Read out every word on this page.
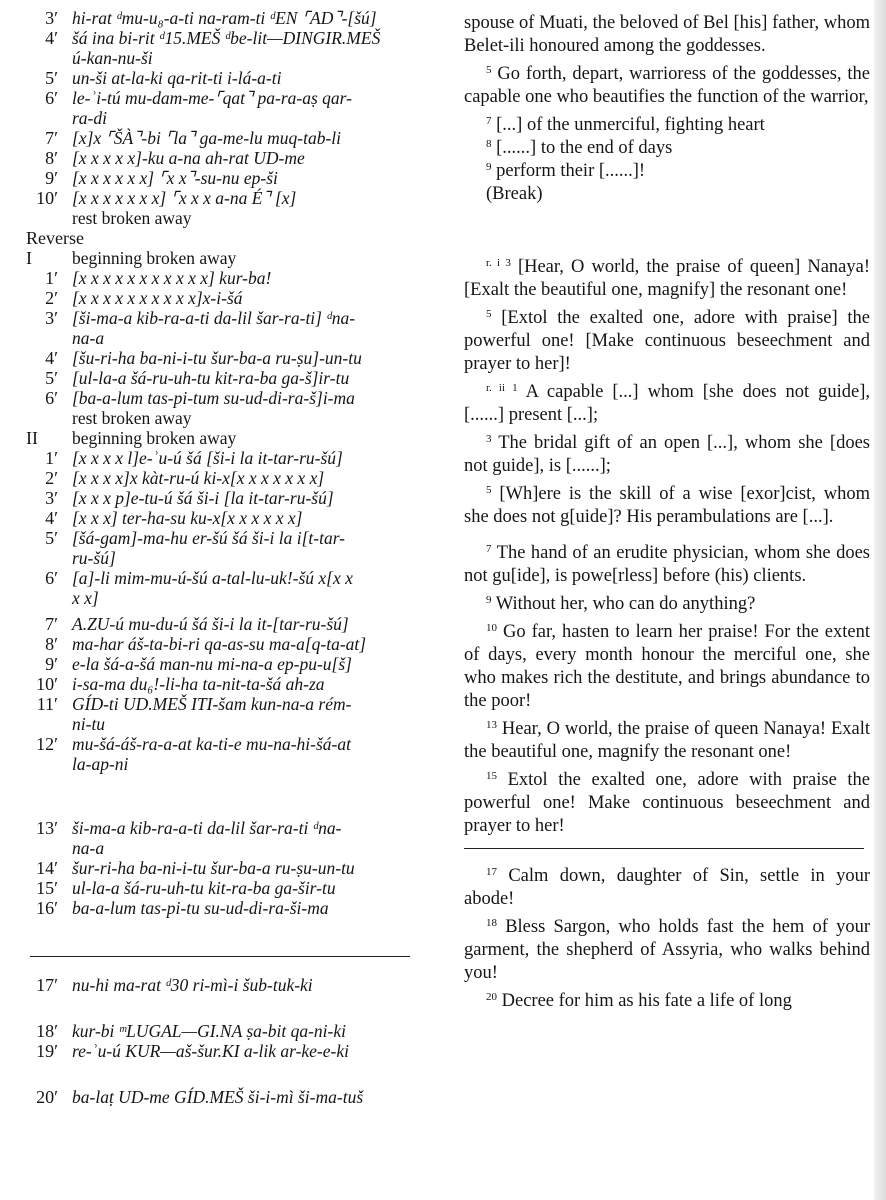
3′ hi-rat ᵈmu-u₈-a-ti na-ram-ti ᵈEN ⌜AD⌝-[šú]
4′ šá ina bi-rit ᵈ15.MEŠ ᵈbe-lit—DINGIR.MEŠ
ú-kan-nu-ši
5′ un-ši at-la-ki qa-rit-ti i-lá-a-ti
6′ le-ʾi-tú mu-dam-me-⌜qat⌝ pa-ra-aṣ qar-
ra-di
7′ [x]x ⌜ŠÀ⌝-bi ⌜la⌝ ga-me-lu muq-tab-li
8′ [x x x x x]-ku a-na ah-rat UD-me
9′ [x x x x x x] ⌜x x⌝-su-nu ep-ši
10′ [x x x x x x x] ⌜x x x a-na É⌝ [x]
rest broken away
Reverse
I	beginning broken away
1′ [x x x x x x x x x x x] kur-ba!
2′ [x x x x x x x x x x]x-i-šá
3′ [ši-ma-a kib-ra-a-ti da-lil šar-ra-ti] ᵈna-
na-a
4′ [šu-ri-ha ba-ni-i-tu šur-ba-a ru-ṣu]-un-tu
5′ [ul-la-a šá-ru-uh-tu kit-ra-ba ga-š]ir-tu
6′ [ba-a-lum tas-pi-tum su-ud-di-ra-š]i-ma
rest broken away
II	beginning broken away
1′ [x x x x l]e-ʾu-ú šá [ši-i la it-tar-ru-šú]
2′ [x x x x]x kàt-ru-ú ki-x[x x x x x x x]
3′ [x x x p]e-tu-ú šá ši-i [la it-tar-ru-šú]
4′ [x x x] ter-ha-su ku-x[x x x x x x]
5′ [šá-gam]-ma-hu er-šú šá ši-i la i[t-tar-
ru-šú]
6′ [a]-li mim-mu-ú-šú a-tal-lu-uk!-šú x[x x
x x]
7′ A.ZU-ú mu-du-ú šá ši-i la it-[tar-ru-šú]
8′ ma-har áš-ta-bi-ri qa-as-su ma-a[q-ta-at]
9′ e-la šá-a-šá man-nu mi-na-a ep-pu-u[š]
10′ i-sa-ma du₆!-li-ha ta-nit-ta-šá ah-za
11′ GÍD-ti UD.MEŠ ITI-šam kun-na-a rém-
ni-tu
12′ mu-šá-áš-ra-a-at ka-ti-e mu-na-hi-šá-at
la-ap-ni
13′ ši-ma-a kib-ra-a-ti da-lil šar-ra-ti ᵈna-
na-a
14′ šur-ri-ha ba-ni-i-tu šur-ba-a ru-ṣu-un-tu
15′ ul-la-a šá-ru-uh-tu kit-ra-ba ga-šir-tu
16′ ba-a-lum tas-pi-tu su-ud-di-ra-ši-ma
17′ nu-hi ma-rat ᵈ30 ri-mì-i šub-tuk-ki
18′ kur-bi ᵐLUGAL—GI.NA ṣa-bit qa-ni-ki
19′ re-ʾu-ú KUR—aš-šur.KI a-lik ar-ke-e-ki
20′ ba-laṭ UD-me GÍD.MEŠ ši-i-mì ši-ma-tuš

spouse of Muati, the beloved of Bel [his] father, whom Belet-ili honoured among the goddesses.

$^5$ Go forth, depart, warrioress of the goddesses, the capable one who beautifies the function of the warrior,

$^7$ [...] of the unmerciful, fighting heart

$^8$ [......] to the end of days

$^9$ perform their [......]!

(Break)

$^{r. i 3}$ [Hear, O world, the praise of queen] Nanaya! [Exalt the beautiful one, magnify] the resonant one!

$^5$ [Extol the exalted one, adore with praise] the powerful one! [Make continuous beseechment and prayer to her]!

$^{r. ii 1}$ A capable [...] whom [she does not guide], [......] present [...];

$^3$ The bridal gift of an open [...], whom she [does not guide], is [......];

$^5$ [Wh]ere is the skill of a wise [exor]cist, whom she does not g[uide]? His perambulations are [...].

$^7$ The hand of an erudite physician, whom she does not gu[ide], is powe[rless] before (his) clients.

$^9$ Without her, who can do anything?

$^{10}$ Go far, hasten to learn her praise! For the extent of days, every month honour the merciful one, she who makes rich the destitute, and brings abundance to the poor!

$^{13}$ Hear, O world, the praise of queen Nanaya! Exalt the beautiful one, magnify the resonant one!

$^{15}$ Extol the exalted one, adore with praise the powerful one! Make continuous beseechment and prayer to her!

$^{17}$ Calm down, daughter of Sin, settle in your abode!

$^{18}$ Bless Sargon, who holds fast the hem of your garment, the shepherd of Assyria, who walks behind you!

$^{20}$ Decree for him as his fate a life of long
